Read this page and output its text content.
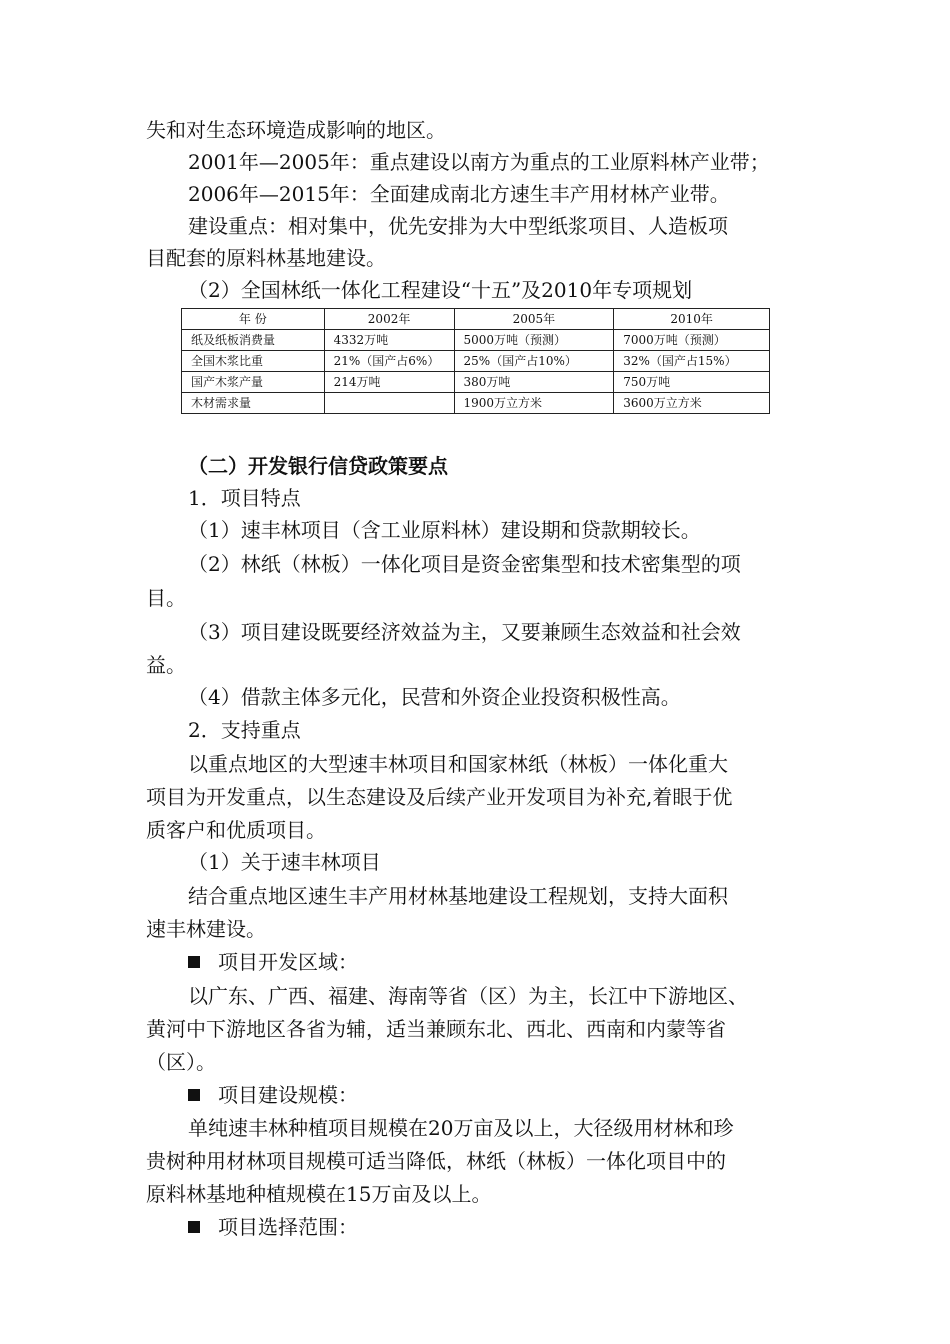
失和对生态环境造成影响的地区。
2001年—2005年：重点建设以南方为重点的工业原料林产业带；
2006年—2015年：全面建成南北方速生丰产用材林产业带。
建设重点：相对集中，优先安排为大中型纸浆项目、人造板项
目配套的原料林基地建设。
（2）全国林纸一体化工程建设“十五”及2010年专项规划
年 份	2002年	2005年	2010年
纸及纸板消费量	4332万吨	5000万吨（预测）	7000万吨（预测）
全国木浆比重	21%（国产占6%）	25%（国产占10%）	32%（国产占15%）
国产木浆产量	214万吨	380万吨	750万吨
木材需求量		1900万立方米	3600万立方米
（二）开发银行信贷政策要点
1．项目特点
（1）速丰林项目（含工业原料林）建设期和贷款期较长。
（2）林纸（林板）一体化项目是资金密集型和技术密集型的项
目。
（3）项目建设既要经济效益为主，又要兼顾生态效益和社会效
益。
（4）借款主体多元化，民营和外资企业投资积极性高。
2．支持重点
以重点地区的大型速丰林项目和国家林纸（林板）一体化重大
项目为开发重点，以生态建设及后续产业开发项目为补充,着眼于优
质客户和优质项目。
（1）关于速丰林项目
结合重点地区速生丰产用材林基地建设工程规划，支持大面积
速丰林建设。
项目开发区域：
以广东、广西、福建、海南等省（区）为主，长江中下游地区、
黄河中下游地区各省为辅，适当兼顾东北、西北、西南和内蒙等省
（区）。
项目建设规模：
单纯速丰林种植项目规模在20万亩及以上，大径级用材林和珍
贵树种用材林项目规模可适当降低，林纸（林板）一体化项目中的
原料林基地种植规模在15万亩及以上。
项目选择范围：
